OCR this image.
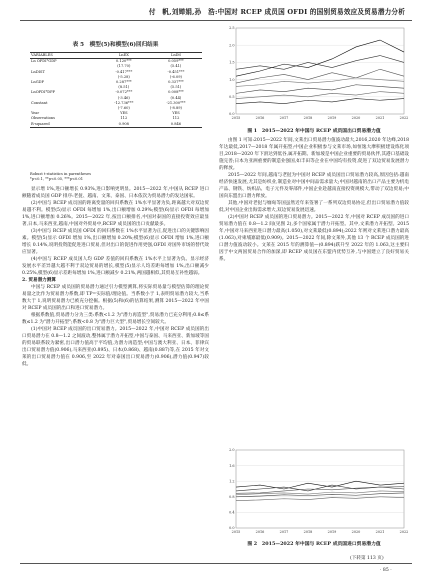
付　帆,刘婵娟,孙　浩:中国对 RCEP 成员国 OFDI 的国别贸易效应及贸易潜力分析
表 5　模型(5)和模型(6)回归结果
VARIABLES	LnEX	LnIM
Ln OFDI*GDP	0.120***	0.059***
	(17.70)	(5.41)
LnDIST	-0.417***	-0.451***
	(-5.28)	(-6.09)
LnGDP	0.287***	0.337***
	(8.51)	(5.51)
LnOFDI*DPP	-0.072***	0.008***
	(-3.46)	(0.44)
Constant	-12.736***	-21.300***
	(-7.60)	(-8.89)
Year	YES	YES
Observations	112	112
R-squared	0.908	0.846
Robust t-statistics in parentheses
*p<0.1, **p<0.05, ***p<0.01

显示增 1%,进口额增长 0.93%,进口影响更明显。2015—2022 年,中国从 RCEP 进口额随着成员国 GDP 排序:老挝、越南、文莱、泰国、日本依次为贸易潜力的发达国家。

(2)中国与 RCEP 成员国的距离变量的回归系数在 1%水平显著为负,距离越大对双边贸易越不利。模型(5)显示 OFDI 每增加 1%,出口额增加 0.29%;模型(6)显示 OFDI 每增加 1%,进口额增加 0.26%。2015—2022 年,按出口额排名,中国对泰国的直接投资效应最显著,日本,马来西亚,越南,中国对外贸易中,RCEP 成员国的出口贡献最多。

(3)中国与 RCEP 成员国 OFDI 的回归系数在 1%水平显著为正,促进出口的关键影响因素。模型(5)显示 OFDI 增加 1%,出口额增加 0.20%;模型(6)显示 OFDI 增加 1%,进口额增长 0.14%,说明投资能促进进口贸易,但对出口的促进作用更强,OFDI 对国外市场的替代效应显著。

(4)中国与 RCEP 成员国人均 GDP 差值的回归系数在 1%水平上显著为负。显示经济发展水平差异越大越不利于双边贸易的增长,模型(5)显示人均差距每增加 1%,出口额减少 0.25%,模型(6)显示差距每增加 1%,进口额减少 0.21%,两国越相似,其贸易互补性越弱。

2. 贸易潜力测算

中国与 RCEP 成员国的贸易潜力通过引力模型测算,将实际贸易量与模型估算的理论贸易量之比作为贸易潜力系数,即 TP=实际值/理论值。当系数小于 1,表明贸易潜力较大,当系数大于 1,说明贸易潜力已被充分挖掘。根据(5)和(6)的估算结果,测算 2015—2022 年中国对 RCEP 成员国的出口和进口贸易潜力。

根据系数值,贸易潜力分为三类:系数<1.2 为"潜力再造型",贸易潜力已充分利用;0.8≤系数≤1.2 为"潜力开拓型";系数<0.8 为"潜力巨大型",贸易增长空间较大。

(1)中国对 RCEP 成员国的出口贸易潜力。2015—2022 年,中国对 RCEP 成员国的出口贸易潜力在 0.8—1.2 之间波动,整体属于潜力开拓型,中国与泰国、马来西亚、新加坡等国的贸易联系较为紧密,出口潜力值高于平均值,为潜力再造型;中国与澳大利亚、日本、菲律宾出口贸易潜力值(0.906),马来西亚(0.895)、日本(0.868)、越南(0.887)等,在 2015 年对文莱的出口贸易潜力值在 0.906,至 2022 年对泰国出口贸易潜力(0.906),潜力值(0.947)较低。

0.0
0.5
1.0
1.5
2.0
2.5
2015	2016	2017	2018	2019	2020	2021	2022
图 1　2015—2022 年中国与 RCEP 成员国出口贸易潜力值

由图 1 可知:2015—2022 年间,文莱出口贸易潜力值波动最大,2016,2020 年达峰,2018 年达最低,2017—2018 年属开拓型;中国企业积极参与文莱市场,如恒逸大摩积极建设炼化项目,2018—2020 年下滑达到低谷,属开拓期。新加坡是中国企业重要的贸易伙伴,其港口基础设施完善;日本为亚洲重要的制造业强国,如丰田等企业在中国均有投资,促进了双边贸易发展潜力的释放。

2015—2022 年间,越南与老挝为中国对 RCEP 成员国出口贸易潜力较高,原因包括:越南经济快速发展,尤其是纺织业,制造业对中国中间品需求量大;中国对越南的出口产品主要为机电产品、钢铁、纺织品、电子元件及零部件,中国企业赴越南直接投资规模大,带动了双边贸易;中国向东盟出口潜力释放。

其他,中国对老挝与缅甸等国虽然近年来签署了一系列双边贸易协定,但出口贸易潜力值较低,对中国企业出海需求增大,双边贸易发展迅速。

(2)中国对 RCEP 成员国的进口贸易潜力。2015—2022 年,中国对 RCEP 成员国的进口贸易潜力值在 0.8—1.2 间(见图 2),多个国家属于潜力开拓型。其中,文莱潜力开拓型。2015 年,中国对马来西亚进口潜力最高(1.050),对文莱最低(0.894);2022 年则对文莱进口潜力最高(1.063),对柬埔寨最低(0.909)。2015—2022 年间,除文莱外,其他 13 个 RCEP 成员国的进口潜力值波动较小。文莱在 2015 年的测算值—(0.894)跃升至 2022 年的 1.063,这主要归因于中文两国贸易合作的加深,即 RCEP 成员国在东盟内优势互补,与中国建立了良好贸易关系。

0.0
0.4
0.8
1.2
1.6
2.0
2015	2016	2017	2018	2019	2020	2021	2022
图 2　2015—2022 年中国与 RCEP 成员国进口贸易潜力值
(下转第 113 页)
· 85 ·
